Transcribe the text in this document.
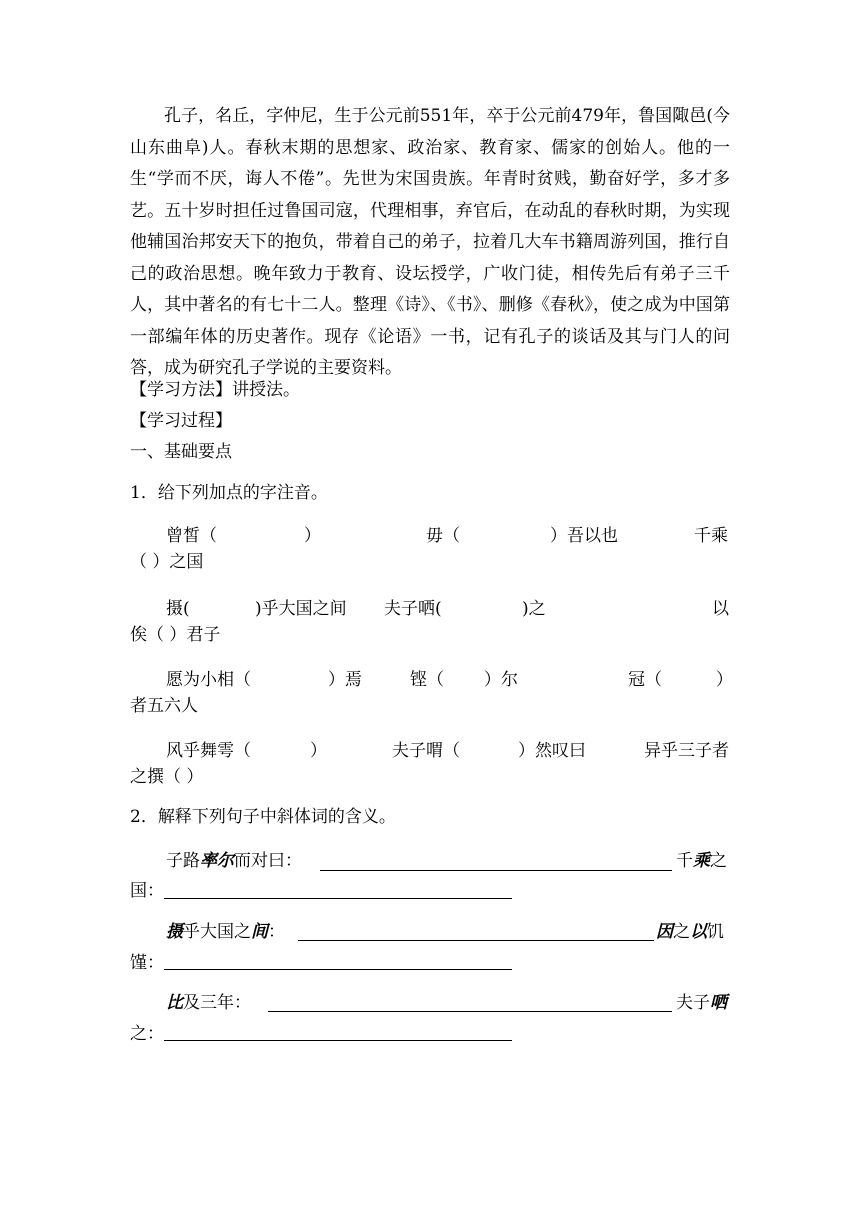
孔子，名丘，字仲尼，生于公元前551年，卒于公元前479年，鲁国陬邑(今山东曲阜)人。春秋末期的思想家、政治家、教育家、儒家的创始人。他的一生“学而不厌，诲人不倦”。先世为宋国贵族。年青时贫贱，勤奋好学，多才多艺。五十岁时担任过鲁国司寇，代理相事，弃官后，在动乱的春秋时期，为实现他辅国治邦安天下的抱负，带着自己的弟子，拉着几大车书籍周游列国，推行自己的政治思想。晚年致力于教育、设坛授学，广收门徒，相传先后有弟子三千人，其中著名的有七十二人。整理《诗》、《书》、删修《春秋》，使之成为中国第一部编年体的历史著作。现存《论语》一书，记有孔子的谈话及其与门人的问答，成为研究孔子学说的主要资料。
【学习方法】讲授法。
【学习过程】
一、基础要点
1．给下列加点的字注音。
曾皙（	）	毋（	）吾以也	千乘
（ ）之国
摄(	)乎大国之间 夫子哂(	)之	以
俟（ ）君子
愿为小相（	）焉	铿（ ）尔	冠（	）
者五六人
风乎舞雩（	）	夫子喟（	）然叹曰	异乎三子者
之撰（ ）
2．解释下列句子中斜体词的含义。
子路率尔而对曰：	千乘之
国：
摄乎大国之间：	因之以饥
馑：
比及三年：	夫子哂
之：
